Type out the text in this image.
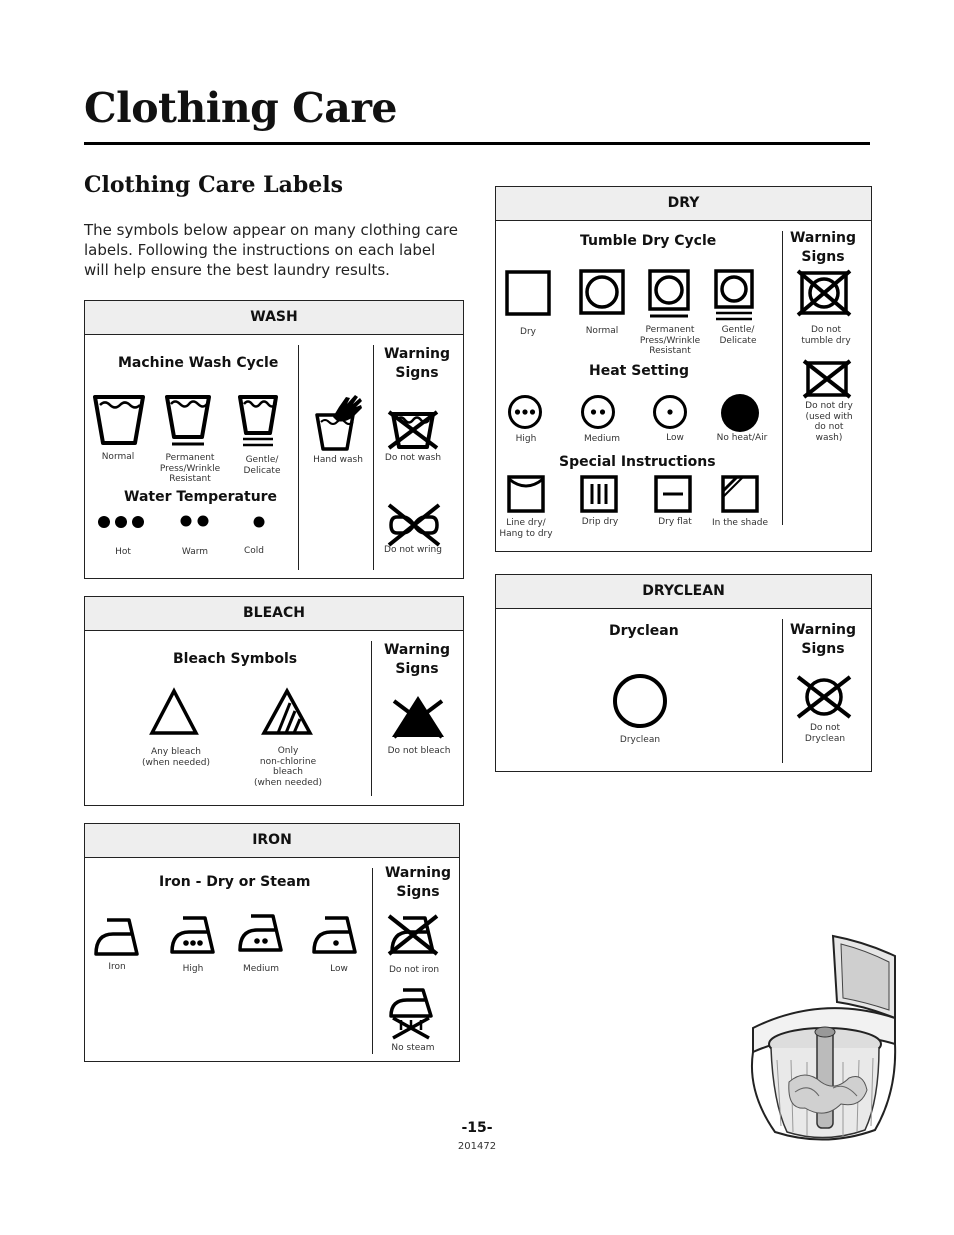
Clothing Care
Clothing Care Labels
The symbols below appear on many clothing care labels. Following the instructions on each label will help ensure the best laundry results.
WASH
Machine Wash Cycle
Warning Signs
Normal	Permanent
Press/Wrinkle
Resistant
Gentle/
Delicate
Water Temperature
Hot	Warm	Cold
Hand wash	Do not wash
Do not wring
BLEACH
Bleach Symbols
Warning Signs
Any bleach
(when needed)
Only
non-chlorine
bleach
(when needed)
Do not bleach
IRON
Iron - Dry or Steam
Warning Signs
Iron	High	Medium	Low	Do not iron
No steam
DRY
Tumble Dry Cycle	Warning Signs
Dry	Normal	Permanent
Press/Wrinkle
Resistant
Gentle/
Delicate
Do not
tumble dry
Heat Setting
High	Medium	Low	No heat/Air
Do not dry
(used with
do not
wash)
Special Instructions
Line dry/
Hang to dry
Drip dry	Dry flat	In the shade
DRYCLEAN
Dryclean	Warning Signs
Dryclean
Do not
Dryclean
-15-
201472
